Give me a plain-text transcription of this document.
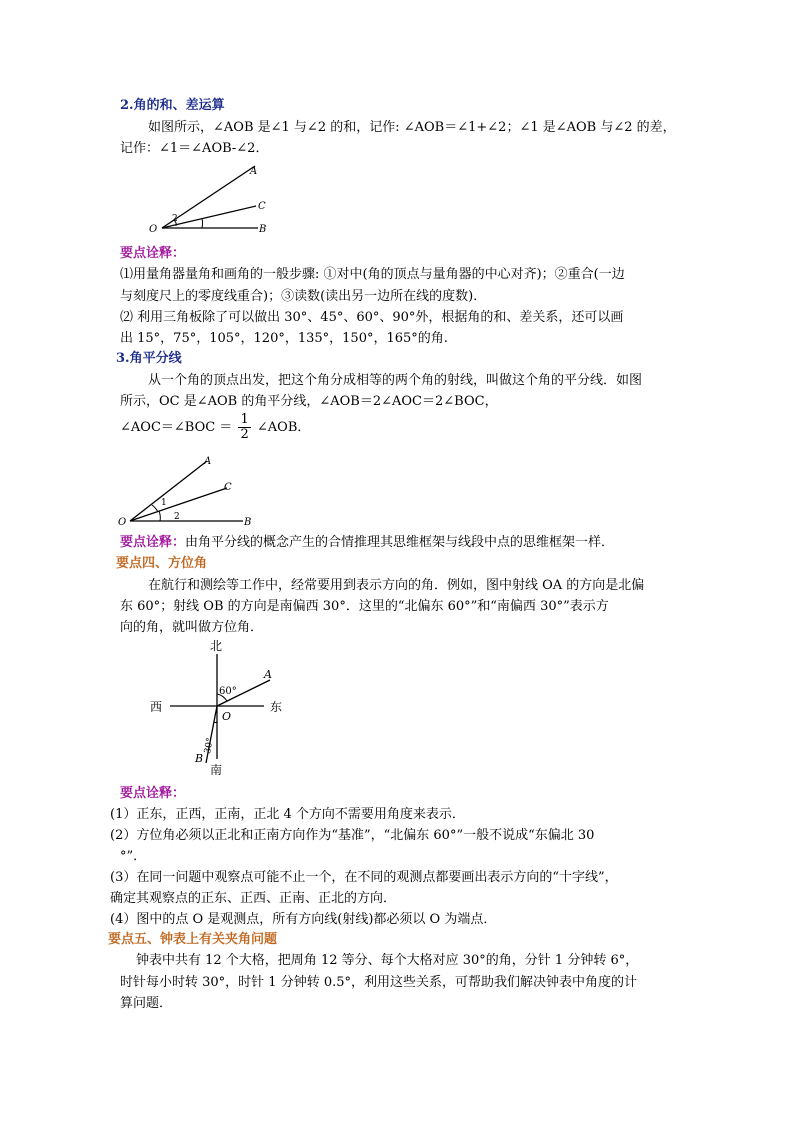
2.角的和、差运算
如图所示，∠AOB 是∠1 与∠2 的和，记作: ∠AOB＝∠1+∠2；∠1 是∠AOB 与∠2 的差，
记作：∠1＝∠AOB-∠2．
A
C
O	B
2
要点诠释：
⑴用量角器量角和画角的一般步骤: ①对中(角的顶点与量角器的中心对齐)；②重合(一边
与刻度尺上的零度线重合)；③读数(读出另一边所在线的度数)．
⑵ 利用三角板除了可以做出 30°、45°、60°、90°外，根据角的和、差关系，还可以画
出 15°，75°，105°，120°，135°，150°，165°的角.
3.角平分线
从一个角的顶点出发，把这个角分成相等的两个角的射线，叫做这个角的平分线．如图
所示，OC 是∠AOB 的角平分线，∠AOB＝2∠AOC＝2∠BOC，
∠AOC＝∠BOC ＝ $\frac{1}{2}$ ∠AOB．
A
C
O	B
1
2
要点诠释：由角平分线的概念产生的合情推理其思维框架与线段中点的思维框架一样．
要点四、方位角
在航行和测绘等工作中，经常要用到表示方向的角．例如，图中射线 OA 的方向是北偏
东 60°；射线 OB 的方向是南偏西 30°．这里的“北偏东 60°”和“南偏西 30°”表示方
向的角，就叫做方位角．
北
南
西	东
A
O
B
60°
30°
要点诠释：
(1）正东，正西，正南，正北 4 个方向不需要用角度来表示．
(2）方位角必须以正北和正南方向作为“基准”，“北偏东 60°”一般不说成“东偏北 30
°”．
(3）在同一问题中观察点可能不止一个，在不同的观测点都要画出表示方向的“十字线”，
确定其观察点的正东、正西、正南、正北的方向．
(4）图中的点 O 是观测点，所有方向线(射线)都必须以 O 为端点．
要点五、钟表上有关夹角问题
钟表中共有 12 个大格，把周角 12 等分、每个大格对应 30°的角，分针 1 分钟转 6°，
时针每小时转 30°，时针 1 分钟转 0.5°，利用这些关系，可帮助我们解决钟表中角度的计
算问题．
